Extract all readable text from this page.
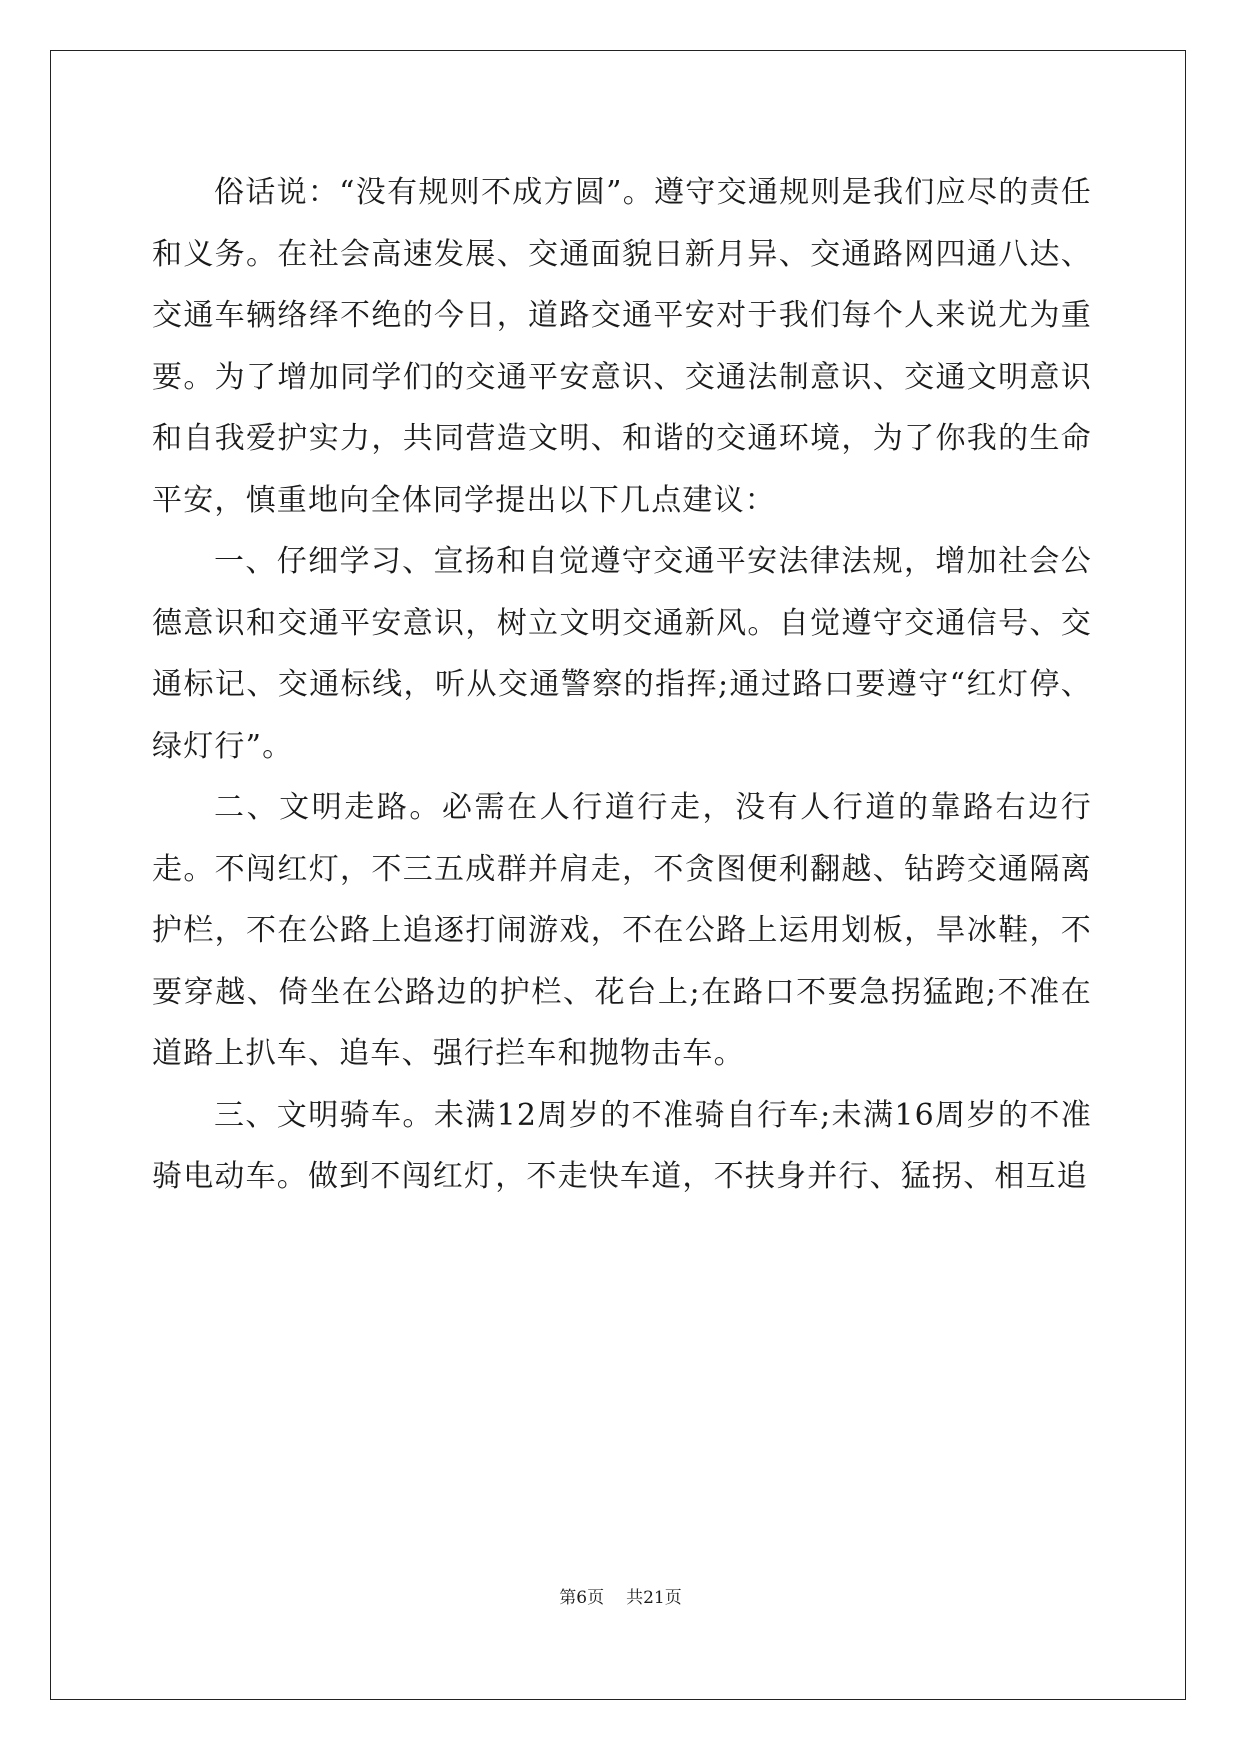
俗话说：“没有规则不成方圆”。遵守交通规则是我们应尽的责任和义务。在社会高速发展、交通面貌日新月异、交通路网四通八达、交通车辆络绎不绝的今日，道路交通平安对于我们每个人来说尤为重要。为了增加同学们的交通平安意识、交通法制意识、交通文明意识和自我爱护实力，共同营造文明、和谐的交通环境，为了你我的生命平安，慎重地向全体同学提出以下几点建议：

一、仔细学习、宣扬和自觉遵守交通平安法律法规，增加社会公德意识和交通平安意识，树立文明交通新风。自觉遵守交通信号、交通标记、交通标线，听从交通警察的指挥;通过路口要遵守“红灯停、绿灯行”。

二、文明走路。必需在人行道行走，没有人行道的靠路右边行走。不闯红灯，不三五成群并肩走，不贪图便利翻越、钻跨交通隔离护栏，不在公路上追逐打闹游戏，不在公路上运用划板，旱冰鞋，不要穿越、倚坐在公路边的护栏、花台上;在路口不要急拐猛跑;不准在道路上扒车、追车、强行拦车和抛物击车。

三、文明骑车。未满12周岁的不准骑自行车;未满16周岁的不准骑电动车。做到不闯红灯，不走快车道，不扶身并行、猛拐、相互追

第6页 共21页
